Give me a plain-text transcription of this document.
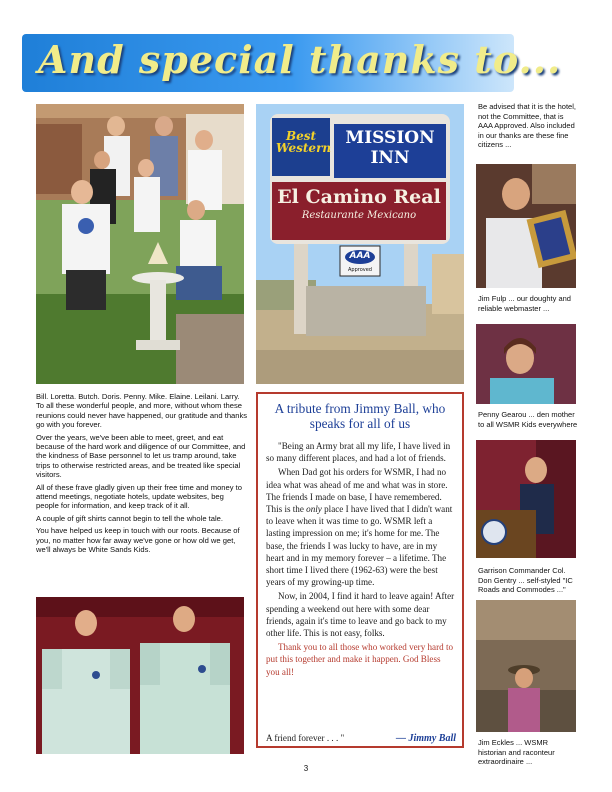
And special thanks to...
Best
Western MISSION
INN
El Camino Real
Restaurante Mexicano
AAA
Approved

Bill. Loretta. Butch. Doris. Penny. Mike. Elaine. Leilani. Larry. To all these wonderful people, and more, without whom these reunions could never have happened, our gratitude and thanks go with you forever.

Over the years, we've been able to meet, greet, and eat because of the hard work and diligence of our Committee, and the kindness of Base personnel to let us tramp around, take trips to otherwise restricted areas, and be treated like special visitors.

All of these frave gladly given up their free time and money to attend meetings, negotiate hotels, update websites, beg people for information, and keep track of it all.

A couple of gift shirts cannot begin to tell the whole tale.

You have helped us keep in touch with our roots. Because of you, no matter how far away we've gone or how old we get, we'll always be White Sands Kids.

A tribute from Jimmy Ball, who speaks for all of us

"Being an Army brat all my life, I have lived in so many different places, and had a lot of friends.

When Dad got his orders for WSMR, I had no idea what was ahead of me and what was in store. The friends I made on base, I have remembered. This is the only place I have lived that I didn't want to leave when it was time to go. WSMR left a lasting impression on me; it's home for me. The base, the friends I was lucky to have, are in my heart and in my memory forever – a lifetime. The short time I lived there (1962-63) were the best years of my growing-up time.

Now, in 2004, I find it hard to leave again! After spending a weekend out here with some dear friends, again it's time to leave and go back to my other life. This is not easy, folks.

Thank you to all those who worked very hard to put this together and make it happen. God Bless you all!

A friend forever . . . "	— Jimmy Ball
Be advised that it is the hotel, not the Committee, that is AAA Approved. Also included in our thanks are these fine citizens ...
Jim Fulp ... our doughty and reliable webmaster ...
Penny Gearou ... den mother to all WSMR Kids everywhere
Garrison Commander Col. Don Gentry ... self-styled "IC Roads and Commodes ..."
Jim Eckles ... WSMR historian and raconteur extraordinaire ...
3
